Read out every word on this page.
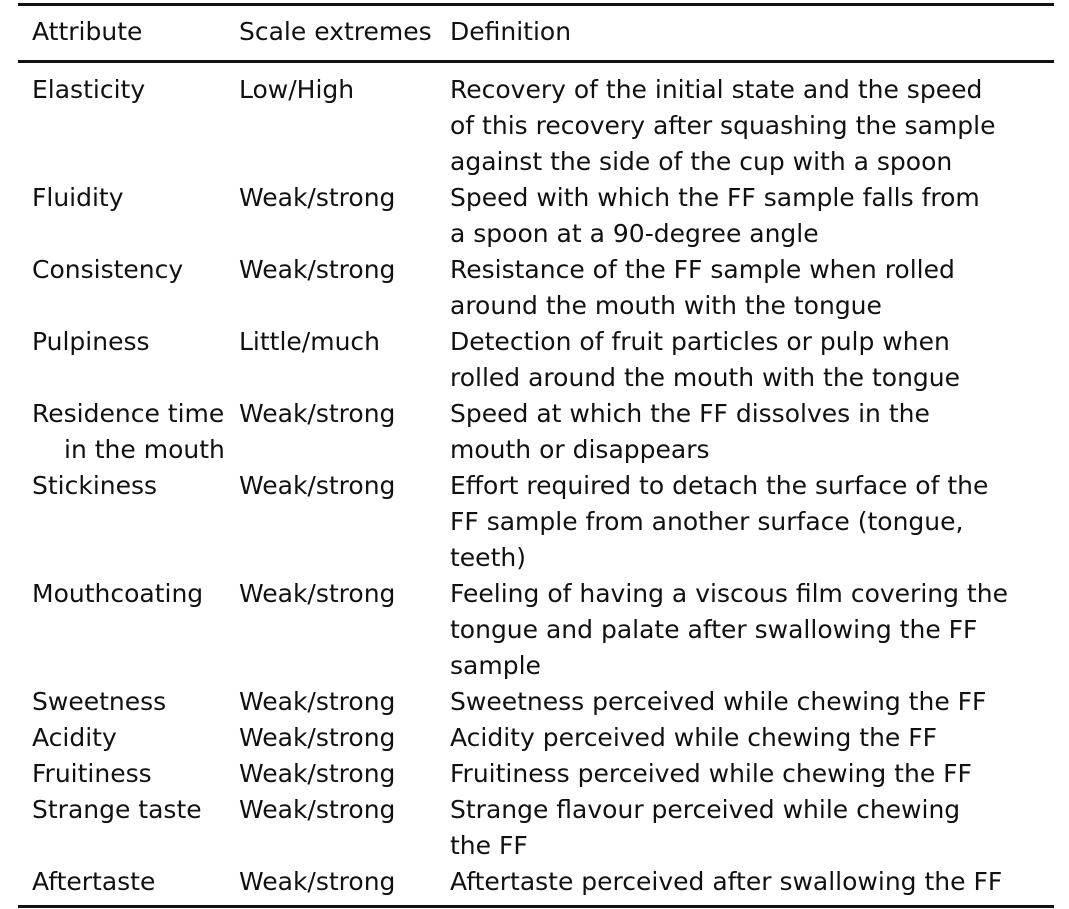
Attribute	Scale extremes	Definition
Elasticity	Low/High	Recovery of the initial state and the speed
of this recovery after squashing the sample
against the side of the cup with a spoon

Fluidity	Weak/strong	Speed with which the FF sample falls from
a spoon at a 90-degree angle

Consistency	Weak/strong	Resistance of the FF sample when rolled
around the mouth with the tongue

Pulpiness	Little/much	Detection of fruit particles or pulp when
rolled around the mouth with the tongue

Residence time
in the mouth	Weak/strong	Speed at which the FF dissolves in the
mouth or disappears

Stickiness	Weak/strong	Effort required to detach the surface of the
FF sample from another surface (tongue,
teeth)

Mouthcoating	Weak/strong	Feeling of having a viscous film covering the
tongue and palate after swallowing the FF
sample

Sweetness	Weak/strong	Sweetness perceived while chewing the FF

Acidity	Weak/strong	Acidity perceived while chewing the FF

Fruitiness	Weak/strong	Fruitiness perceived while chewing the FF

Strange taste	Weak/strong	Strange flavour perceived while chewing
the FF

Aftertaste	Weak/strong	Aftertaste perceived after swallowing the FF
